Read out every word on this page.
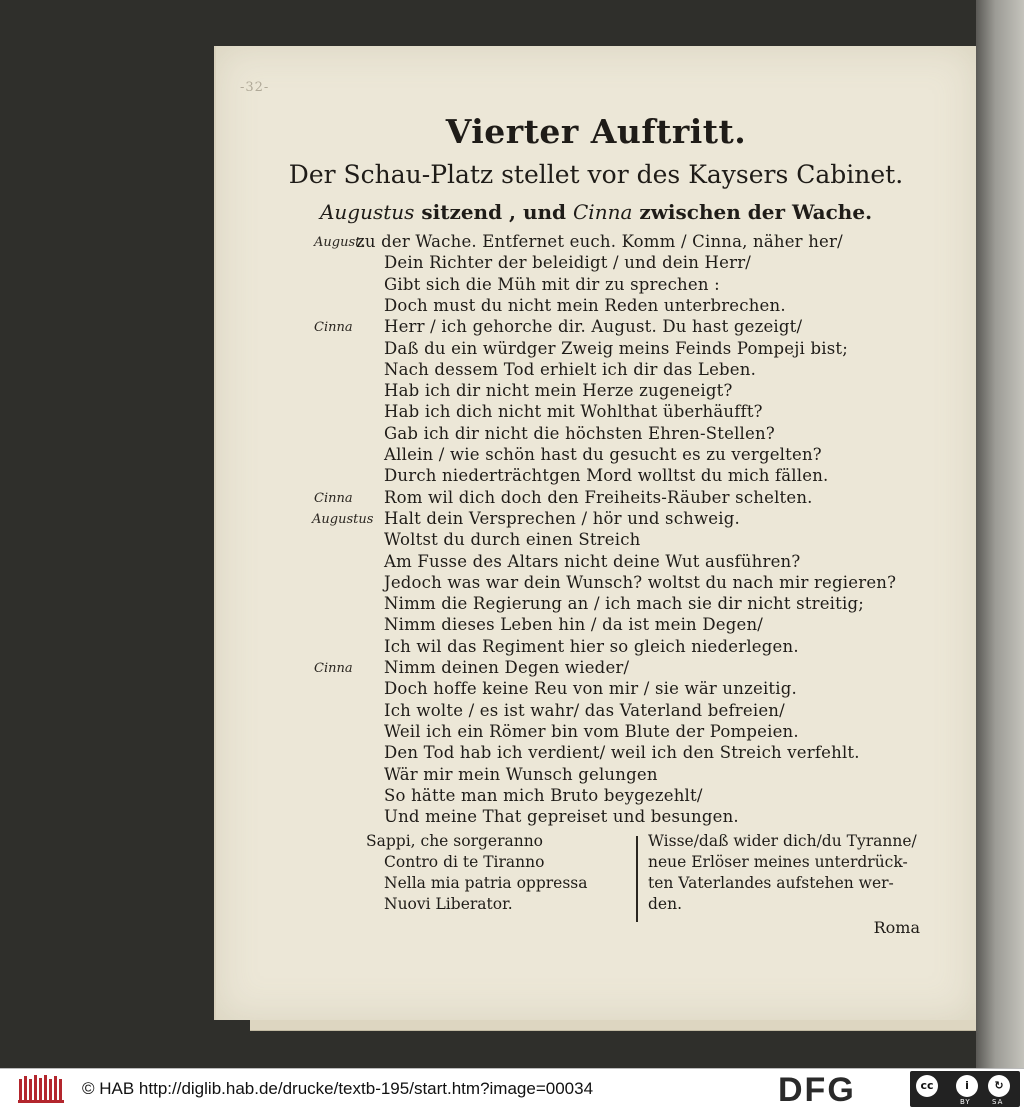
-32-
Vierter Auftritt.
Der Schau-Platz stellet vor des Kaysers Cabinet.
Augustus sitzend , und Cinna zwischen der Wache.
August.
zu der Wache. Entfernet euch. Komm / Cinna, näher her/
Dein Richter der beleidigt / und dein Herr/
Gibt sich die Müh mit dir zu sprechen :
Doch must du nicht mein Reden unterbrechen.
Cinna Herr / ich gehorche dir. August. Du hast gezeigt/
Daß du ein würdger Zweig meins Feinds Pompeji bist;
Nach dessem Tod erhielt ich dir das Leben.
Hab ich dir nicht mein Herze zugeneigt?
Hab ich dich nicht mit Wohlthat überhäufft?
Gab ich dir nicht die höchsten Ehren-Stellen?
Allein / wie schön hast du gesucht es zu vergelten?
Durch niederträchtgen Mord wolltst du mich fällen.
Cinna Rom wil dich doch den Freiheits-Räuber schelten.
Augustus Halt dein Versprechen / hör und schweig.
Woltst du durch einen Streich
Am Fusse des Altars nicht deine Wut ausführen?
Jedoch was war dein Wunsch? woltst du nach mir regieren?
Nimm die Regierung an / ich mach sie dir nicht streitig;
Nimm dieses Leben hin / da ist mein Degen/
Ich wil das Regiment hier so gleich niederlegen.
Cinna Nimm deinen Degen wieder/
Doch hoffe keine Reu von mir / sie wär unzeitig.
Ich wolte / es ist wahr/ das Vaterland befreien/
Weil ich ein Römer bin vom Blute der Pompeien.
Den Tod hab ich verdient/ weil ich den Streich verfehlt.
Wär mir mein Wunsch gelungen
So hätte man mich Bruto beygezehlt/
Und meine That gepreiset und besungen.
Sappi, che sorgeranno
Contro di te Tiranno
Nella mia patria oppressa
Nuovi Liberator.
Wisse/daß wider dich/du Tyranne/
neue Erlöser meines unterdrück-
ten Vaterlandes aufstehen wer-
den.
Roma
© HAB http://diglib.hab.de/drucke/textb-195/start.htm?image=00034	DFG	cc	i	↻
BY	SA
